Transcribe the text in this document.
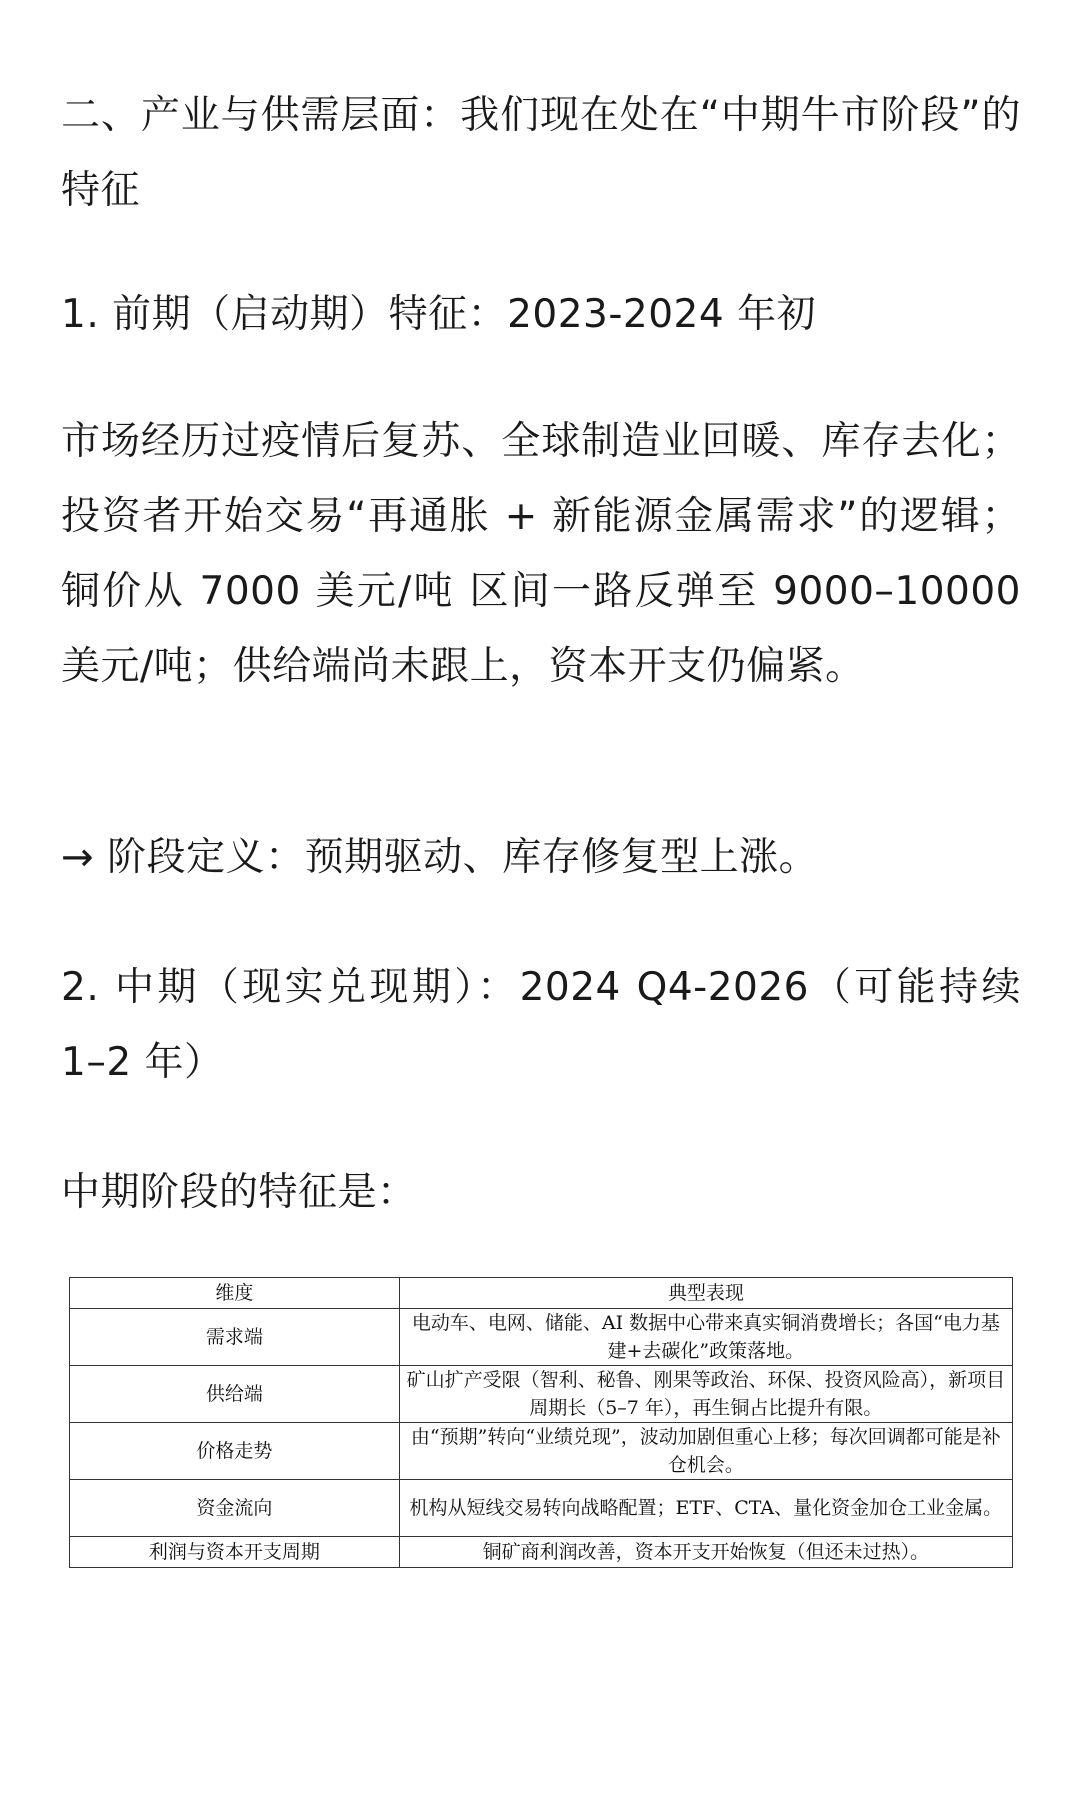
二、产业与供需层面：我们现在处在“中期牛市阶段”的特征

1. 前期（启动期）特征：2023-2024 年初

市场经历过疫情后复苏、全球制造业回暖、库存去化；投资者开始交易“再通胀 + 新能源金属需求”的逻辑；铜价从 7000 美元/吨 区间一路反弹至 9000–10000 美元/吨；供给端尚未跟上，资本开支仍偏紧。

→ 阶段定义：预期驱动、库存修复型上涨。

2. 中期（现实兑现期）：2024 Q4-2026（可能持续 1–2 年）

中期阶段的特征是：

维度	典型表现
需求端	电动车、电网、储能、AI 数据中心带来真实铜消费增长；各国“电力基建+去碳化”政策落地。
供给端	矿山扩产受限（智利、秘鲁、刚果等政治、环保、投资风险高），新项目周期长（5–7 年），再生铜占比提升有限。
价格走势	由“预期”转向“业绩兑现”，波动加剧但重心上移；每次回调都可能是补仓机会。
资金流向	机构从短线交易转向战略配置；ETF、CTA、量化资金加仓工业金属。
利润与资本开支周期	铜矿商利润改善，资本开支开始恢复（但还未过热）。
